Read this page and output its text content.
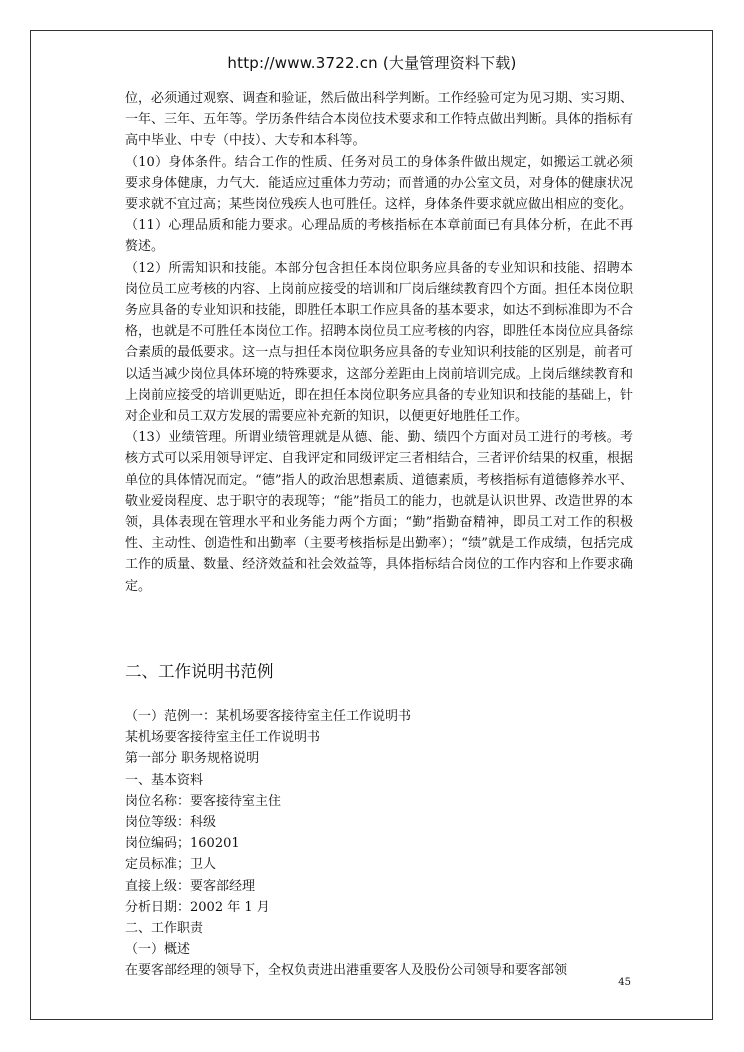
http://www.3722.cn (大量管理资料下载)

位，必须通过观察、调查和验证，然后做出科学判断。工作经验可定为见习期、实习期、一年、三年、五年等。学历条件结合本岗位技术要求和工作特点做出判断。具体的指标有高中毕业、中专（中技）、大专和本科等。

（10）身体条件。结合工作的性质、任务对员工的身体条件做出规定，如搬运工就必须要求身体健康，力气大．能适应过重体力劳动；而普通的办公室文员，对身体的健康状况要求就不宜过高；某些岗位残疾人也可胜任。这样，身体条件要求就应做出相应的变化。

（11）心理品质和能力要求。心理品质的考核指标在本章前面已有具体分析，在此不再赘述。

（12）所需知识和技能。本部分包含担任本岗位职务应具备的专业知识和技能、招聘本岗位员工应考核的内容、上岗前应接受的培训和厂岗后继续教育四个方面。担任本岗位职务应具备的专业知识和技能，即胜任本职工作应具备的基本要求，如达不到标准即为不合格，也就是不可胜任本岗位工作。招聘本岗位员工应考核的内容，即胜任本岗位应具备综合素质的最低要求。这一点与担任本岗位职务应具备的专业知识利技能的区别是，前者可以适当减少岗位具体环境的特殊要求，这部分差距由上岗前培训完成。上岗后继续教育和上岗前应接受的培训更贴近，即在担任本岗位职务应具备的专业知识和技能的基础上，针对企业和员工双方发展的需要应补充新的知识，以便更好地胜任工作。

（13）业绩管理。所谓业绩管理就是从德、能、勤、绩四个方面对员工进行的考核。考核方式可以采用领导评定、自我评定和同级评定三者相结合，三者评价结果的权重，根据单位的具体情况而定。“德”指人的政治思想素质、道德素质，考核指标有道德修养水平、敬业爱岗程度、忠于职守的表现等；“能”指员工的能力，也就是认识世界、改造世界的本领，具体表现在管理水平和业务能力两个方面；“勤”指勤奋精神，即员工对工作的积极性、主动性、创造性和出勤率（主要考核指标是出勤率）；“绩”就是工作成绩，包括完成工作的质量、数量、经济效益和社会效益等，具体指标结合岗位的工作内容和上作要求确定。

二、工作说明书范例

（一）范例一：某机场要客接待室主任工作说明书

某机场要客接待室主任工作说明书

第一部分 职务规格说明

一、基本资料

岗位名称：要客接待室主住

岗位等级：科级

岗位编码；160201

定员标准；卫人

直接上级：要客部经理

分析日期：2002 年 1 月

二、工作职责

（一）概述

在要客部经理的领导下，全权负责进出港重要客人及股份公司领导和要客部领

45
